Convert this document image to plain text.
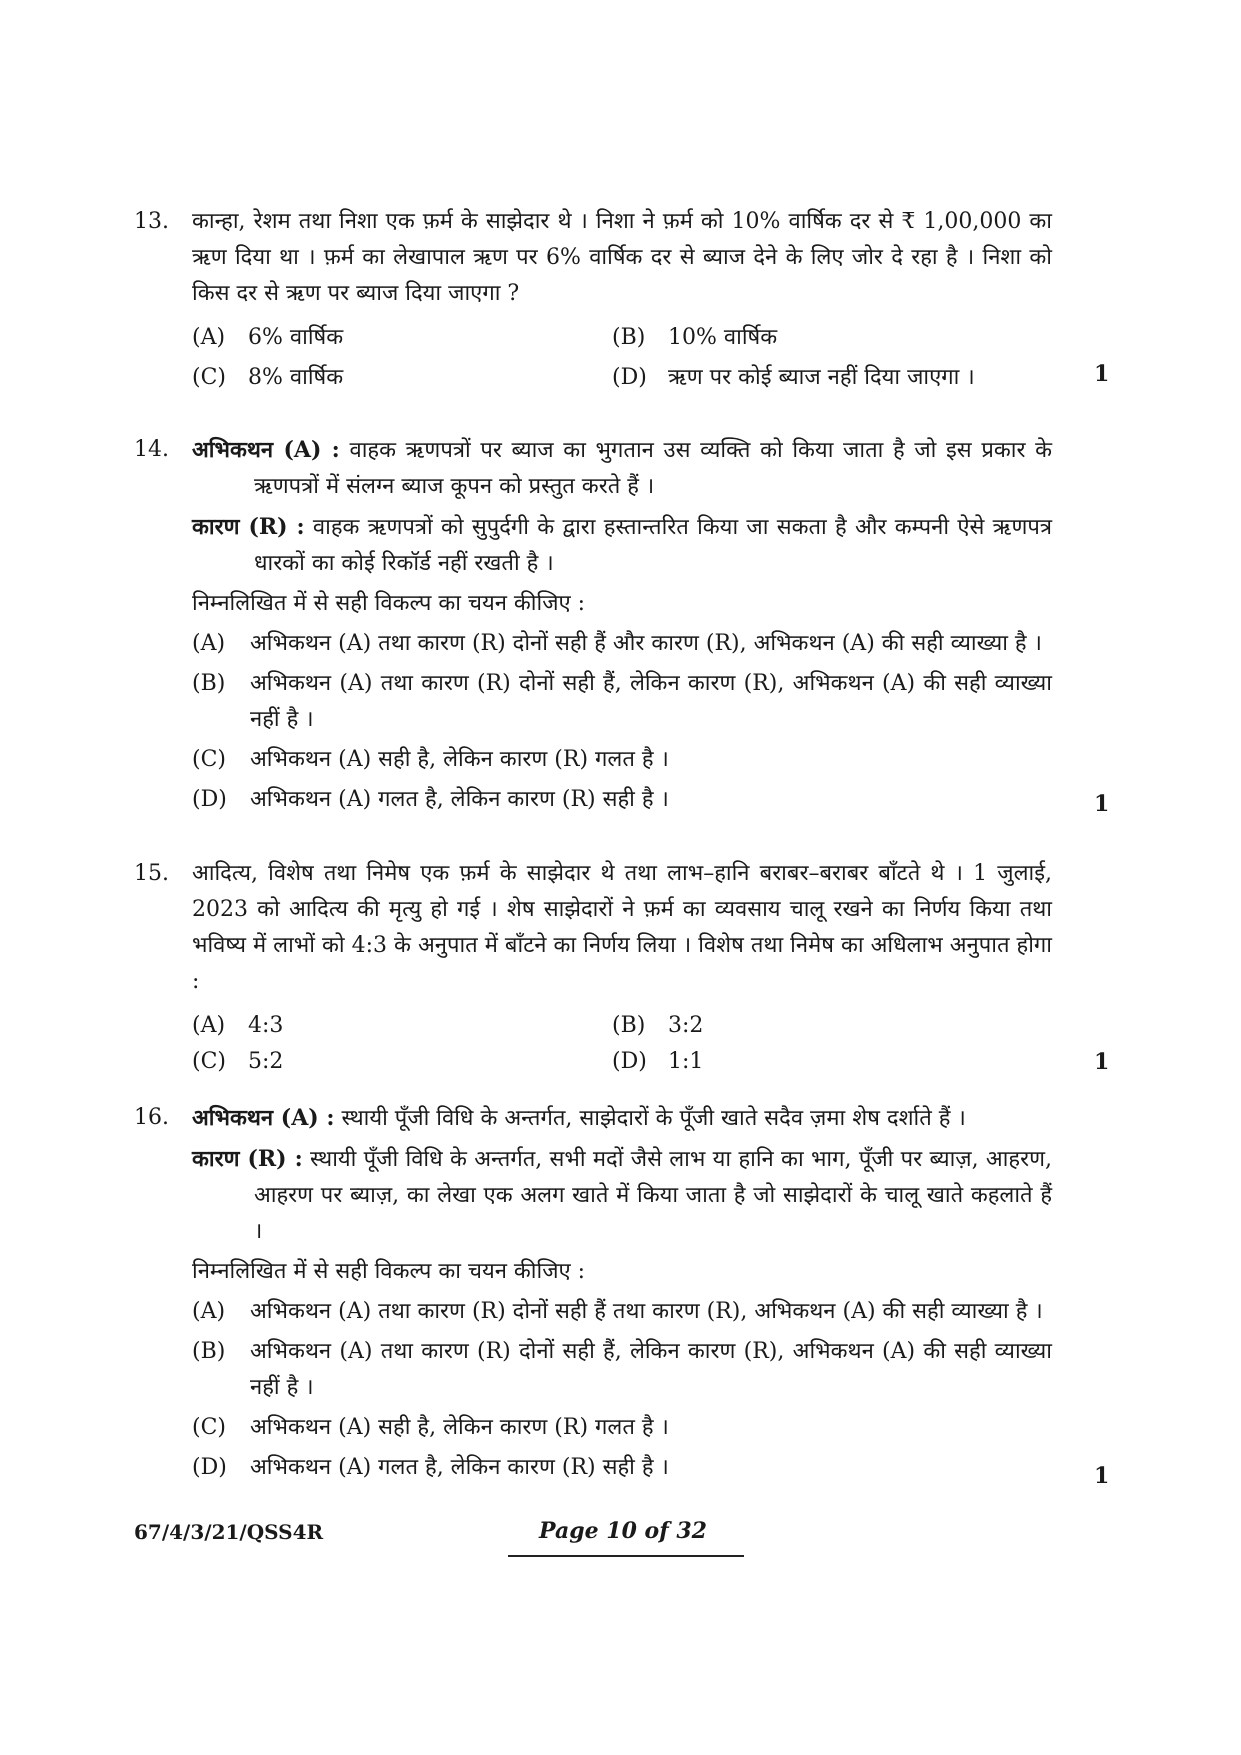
13.	कान्हा, रेशम तथा निशा एक फ़र्म के साझेदार थे । निशा ने फ़र्म को 10% वार्षिक दर से ₹ 1,00,000 का ऋण दिया था । फ़र्म का लेखापाल ऋण पर 6% वार्षिक दर से ब्याज देने के लिए जोर दे रहा है । निशा को किस दर से ऋण पर ब्याज दिया जाएगा ?

(A) 6% वार्षिक	(B) 10% वार्षिक
(C) 8% वार्षिक	(D) ऋण पर कोई ब्याज नहीं दिया जाएगा ।	1
14.	अभिकथन (A) : वाहक ऋणपत्रों पर ब्याज का भुगतान उस व्यक्ति को किया जाता है जो इस प्रकार के ऋणपत्रों में संलग्न ब्याज कूपन को प्रस्तुत करते हैं ।

कारण (R) : वाहक ऋणपत्रों को सुपुर्दगी के द्वारा हस्तान्तरित किया जा सकता है और कम्पनी ऐसे ऋणपत्र धारकों का कोई रिकॉर्ड नहीं रखती है ।

निम्नलिखित में से सही विकल्प का चयन कीजिए :

(A) अभिकथन (A) तथा कारण (R) दोनों सही हैं और कारण (R), अभिकथन (A) की सही व्याख्या है ।
(B) अभिकथन (A) तथा कारण (R) दोनों सही हैं, लेकिन कारण (R), अभिकथन (A) की सही व्याख्या नहीं है ।
(C) अभिकथन (A) सही है, लेकिन कारण (R) गलत है ।
(D) अभिकथन (A) गलत है, लेकिन कारण (R) सही है ।	1
15.	आदित्य, विशेष तथा निमेष एक फ़र्म के साझेदार थे तथा लाभ–हानि बराबर–बराबर बाँटते थे । 1 जुलाई, 2023 को आदित्य की मृत्यु हो गई । शेष साझेदारों ने फ़र्म का व्यवसाय चालू रखने का निर्णय किया तथा भविष्य में लाभों को 4:3 के अनुपात में बाँटने का निर्णय लिया । विशेष तथा निमेष का अधिलाभ अनुपात होगा :

(A) 4:3	(B) 3:2
(C) 5:2	(D) 1:1	1
16.	अभिकथन (A) : स्थायी पूँजी विधि के अन्तर्गत, साझेदारों के पूँजी खाते सदैव ज़मा शेष दर्शाते हैं ।

कारण (R) : स्थायी पूँजी विधि के अन्तर्गत, सभी मदों जैसे लाभ या हानि का भाग, पूँजी पर ब्याज़, आहरण, आहरण पर ब्याज़, का लेखा एक अलग खाते में किया जाता है जो साझेदारों के चालू खाते कहलाते हैं ।

निम्नलिखित में से सही विकल्प का चयन कीजिए :

(A) अभिकथन (A) तथा कारण (R) दोनों सही हैं तथा कारण (R), अभिकथन (A) की सही व्याख्या है ।
(B) अभिकथन (A) तथा कारण (R) दोनों सही हैं, लेकिन कारण (R), अभिकथन (A) की सही व्याख्या नहीं है ।
(C) अभिकथन (A) सही है, लेकिन कारण (R) गलत है ।
(D) अभिकथन (A) गलत है, लेकिन कारण (R) सही है ।	1
67/4/3/21/QSS4R	Page 10 of 32
